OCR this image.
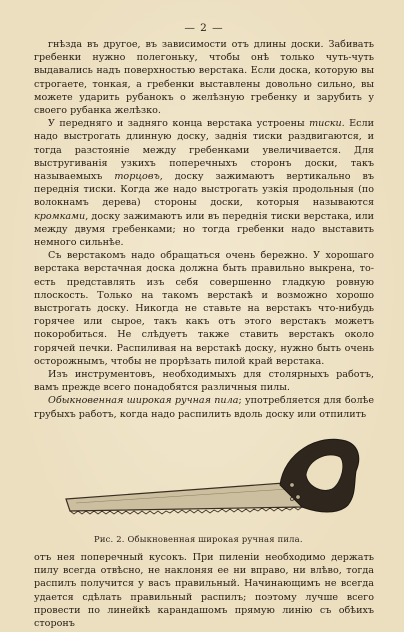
— 2 —

гнѣзда въ другое, въ зависимости отъ длины доски. Забивать гребенки нужно полегоньку, чтобы онѣ только чуть-чуть выдавались надъ поверхностью верстака. Если доска, которую вы строгаете, тонкая, а гребенки выставлены довольно сильно, вы можете ударить рубанокъ о желѣзную гребенку и зарубить у своего рубанка желѣзко.

У передняго и задняго конца верстака устроены тиски. Если надо выстрогать длинную доску, заднія тиски раздвигаются, и тогда разстояніе между гребенками увеличивается. Для выстругиванія узкихъ поперечныхъ сторонъ доски, такъ называемыхъ торцовъ, доску зажимаютъ вертикально въ переднія тиски. Когда же надо выстрогать узкія продольныя (по волокнамъ дерева) стороны доски, которыя называются кромками, доску зажимаютъ или въ переднія тиски верстака, или между двумя гребенками; но тогда гребенки надо выставить немного сильнѣе.

Съ верстакомъ надо обращаться очень бережно. У хорошаго верстака верстачная доска должна быть правильно выкрена, то-есть представлять изъ себя совершенно гладкую ровную плоскость. Только на такомъ верстакѣ и возможно хорошо выстрогать доску. Никогда не ставьте на верстакъ что-нибудь горячее или сырое, такъ какъ отъ этого верстакъ можетъ покоробиться. Не слѣдуетъ также ставить верстакъ около горячей печки. Распиливая на верстакѣ доску, нужно быть очень осторожнымъ, чтобы не прорѣзать пилой край верстака.

Изъ инструментовъ, необходимыхъ для столярныхъ работъ, вамъ прежде всего понадобятся различныя пилы.

Обыкновенная широкая ручная пила; употребляется для болѣе грубыхъ работъ, когда надо распилить вдоль доску или отпилить

Рис. 2. Обыкновенная широкая ручная пила.

отъ нея поперечный кусокъ. При пиленіи необходимо держать пилу всегда отвѣсно, не наклоняя ее ни вправо, ни влѣво, тогда распилъ получится у васъ правильный. Начинающимъ не всегда удается сдѣлать правильный распилъ; поэтому лучше всего провести по линейкѣ карандашомъ прямую линію съ обѣихъ сторонъ
